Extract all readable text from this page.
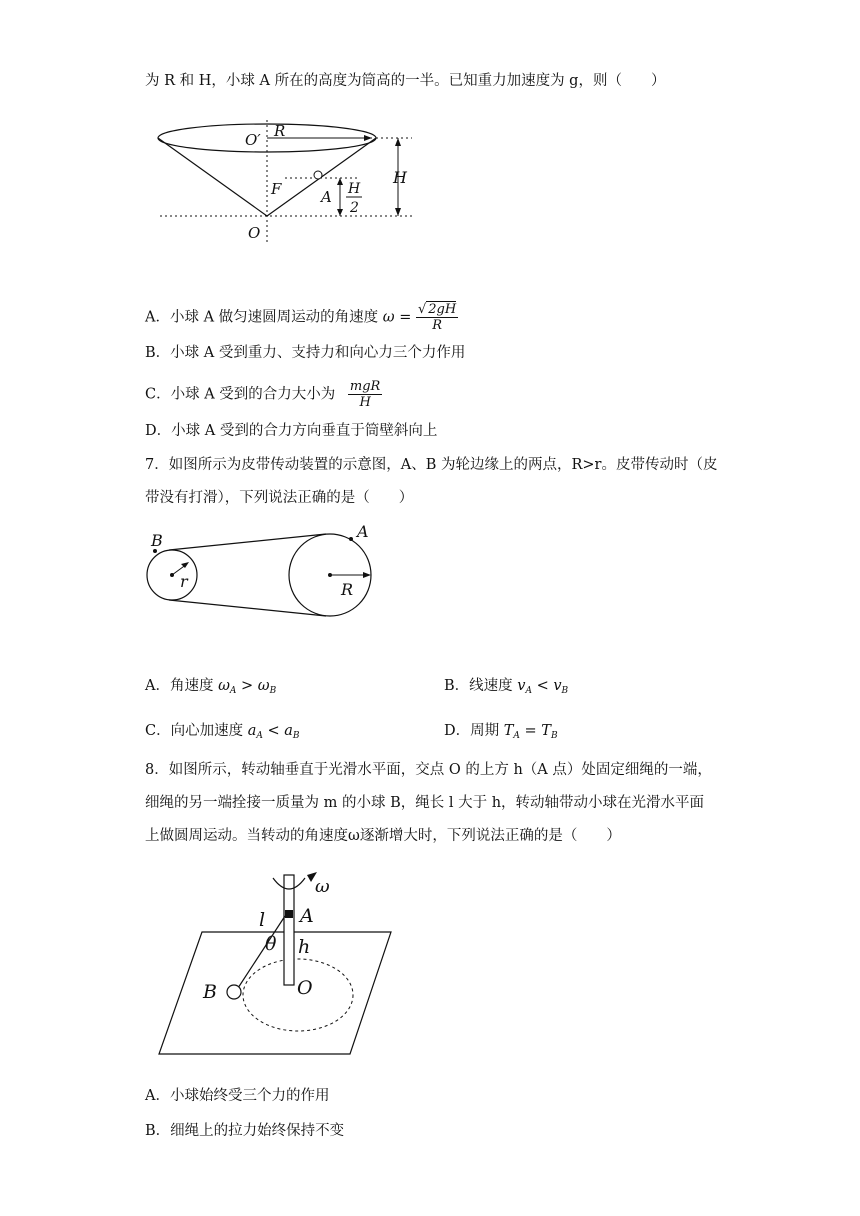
为 R 和 H，小球 A 所在的高度为筒高的一半。已知重力加速度为 g，则（　　）
O′ R
F	A
O
H
H
2
A．小球 A 做匀速圆周运动的角速度 $\omega = \frac{√ 2gH}{R}$
B．小球 A 受到重力、支持力和向心力三个力作用
C．小球 A 受到的合力大小为 $\frac{\text{mgR}}{H}$
D．小球 A 受到的合力方向垂直于筒壁斜向上
7．如图所示为皮带传动装置的示意图，A、B 为轮边缘上的两点，R>r。皮带传动时（皮
带没有打滑），下列说法正确的是（　　）
B
r
A
R
A．角速度 $\omega_A > \omega_B$	B．线速度 $v_A < v_B$
C．向心加速度 $a_A < a_B$	D．周期 $T_A = T_B$
8．如图所示，转动轴垂直于光滑水平面，交点 O 的上方 h（A 点）处固定细绳的一端，
细绳的另一端拴接一质量为 m 的小球 B，绳长 l 大于 h，转动轴带动小球在光滑水平面
上做圆周运动。当转动的角速度ω逐渐增大时，下列说法正确的是（　　）
ω
l A
θ h
B	O
A．小球始终受三个力的作用
B．细绳上的拉力始终保持不变
